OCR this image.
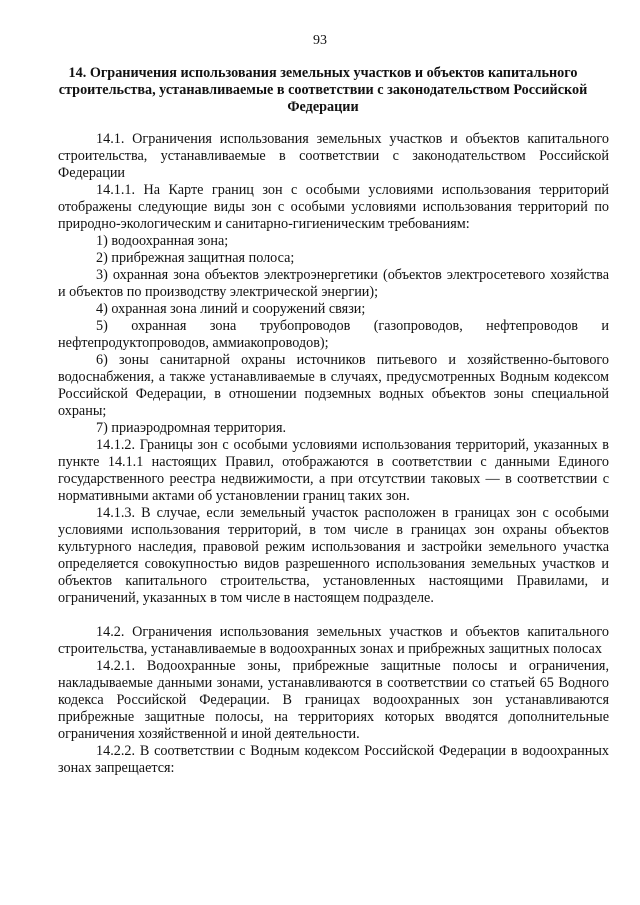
93
14. Ограничения использования земельных участков и объектов капитального строительства, устанавливаемые в соответствии с законодательством Российской Федерации

14.1. Ограничения использования земельных участков и объектов капитального строительства, устанавливаемые в соответствии с законодательством Российской Федерации

14.1.1. На Карте границ зон с особыми условиями использования территорий отображены следующие виды зон с особыми условиями использования территорий по природно-экологическим и санитарно-гигиеническим требованиям:

1) водоохранная зона;

2) прибрежная защитная полоса;

3) охранная зона объектов электроэнергетики (объектов электросетевого хозяйства и объектов по производству электрической энергии);

4) охранная зона линий и сооружений связи;

5) охранная зона трубопроводов (газопроводов, нефтепроводов и нефтепродуктопроводов, аммиакопроводов);

6) зоны санитарной охраны источников питьевого и хозяйственно-бытового водоснабжения, а также устанавливаемые в случаях, предусмотренных Водным кодексом Российской Федерации, в отношении подземных водных объектов зоны специальной охраны;

7) приаэродромная территория.

14.1.2. Границы зон с особыми условиями использования территорий, указанных в пункте 14.1.1 настоящих Правил, отображаются в соответствии с данными Единого государственного реестра недвижимости, а при отсутствии таковых — в соответствии с нормативными актами об установлении границ таких зон.

14.1.3. В случае, если земельный участок расположен в границах зон с особыми условиями использования территорий, в том числе в границах зон охраны объектов культурного наследия, правовой режим использования и застройки земельного участка определяется совокупностью видов разрешенного использования земельных участков и объектов капитального строительства, установленных настоящими Правилами, и ограничений, указанных в том числе в настоящем подразделе.

14.2. Ограничения использования земельных участков и объектов капитального строительства, устанавливаемые в водоохранных зонах и прибрежных защитных полосах

14.2.1. Водоохранные зоны, прибрежные защитные полосы и ограничения, накладываемые данными зонами, устанавливаются в соответствии со статьей 65 Водного кодекса Российской Федерации. В границах водоохранных зон устанавливаются прибрежные защитные полосы, на территориях которых вводятся дополнительные ограничения хозяйственной и иной деятельности.

14.2.2. В соответствии с Водным кодексом Российской Федерации в водоохранных зонах запрещается:
